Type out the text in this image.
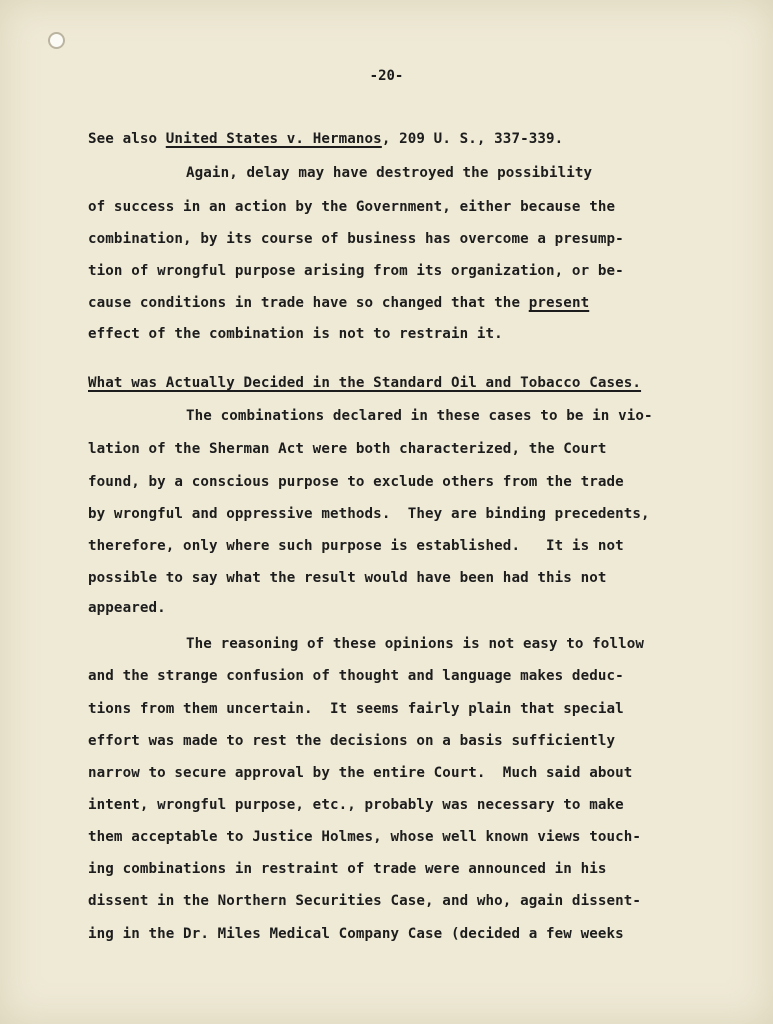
-20-
See also United States v. Hermanos, 209 U. S., 337-339.
Again, delay may have destroyed the possibility
of success in an action by the Government, either because the
combination, by its course of business has overcome a presump-
tion of wrongful purpose arising from its organization, or be-
cause conditions in trade have so changed that the present
effect of the combination is not to restrain it.
What was Actually Decided in the Standard Oil and Tobacco Cases.
The combinations declared in these cases to be in vio-
lation of the Sherman Act were both characterized, the Court
found, by a conscious purpose to exclude others from the trade
by wrongful and oppressive methods.  They are binding precedents,
therefore, only where such purpose is established.   It is not
possible to say what the result would have been had this not
appeared.
The reasoning of these opinions is not easy to follow
and the strange confusion of thought and language makes deduc-
tions from them uncertain.  It seems fairly plain that special
effort was made to rest the decisions on a basis sufficiently
narrow to secure approval by the entire Court.  Much said about
intent, wrongful purpose, etc., probably was necessary to make
them acceptable to Justice Holmes, whose well known views touch-
ing combinations in restraint of trade were announced in his
dissent in the Northern Securities Case, and who, again dissent-
ing in the Dr. Miles Medical Company Case (decided a few weeks
